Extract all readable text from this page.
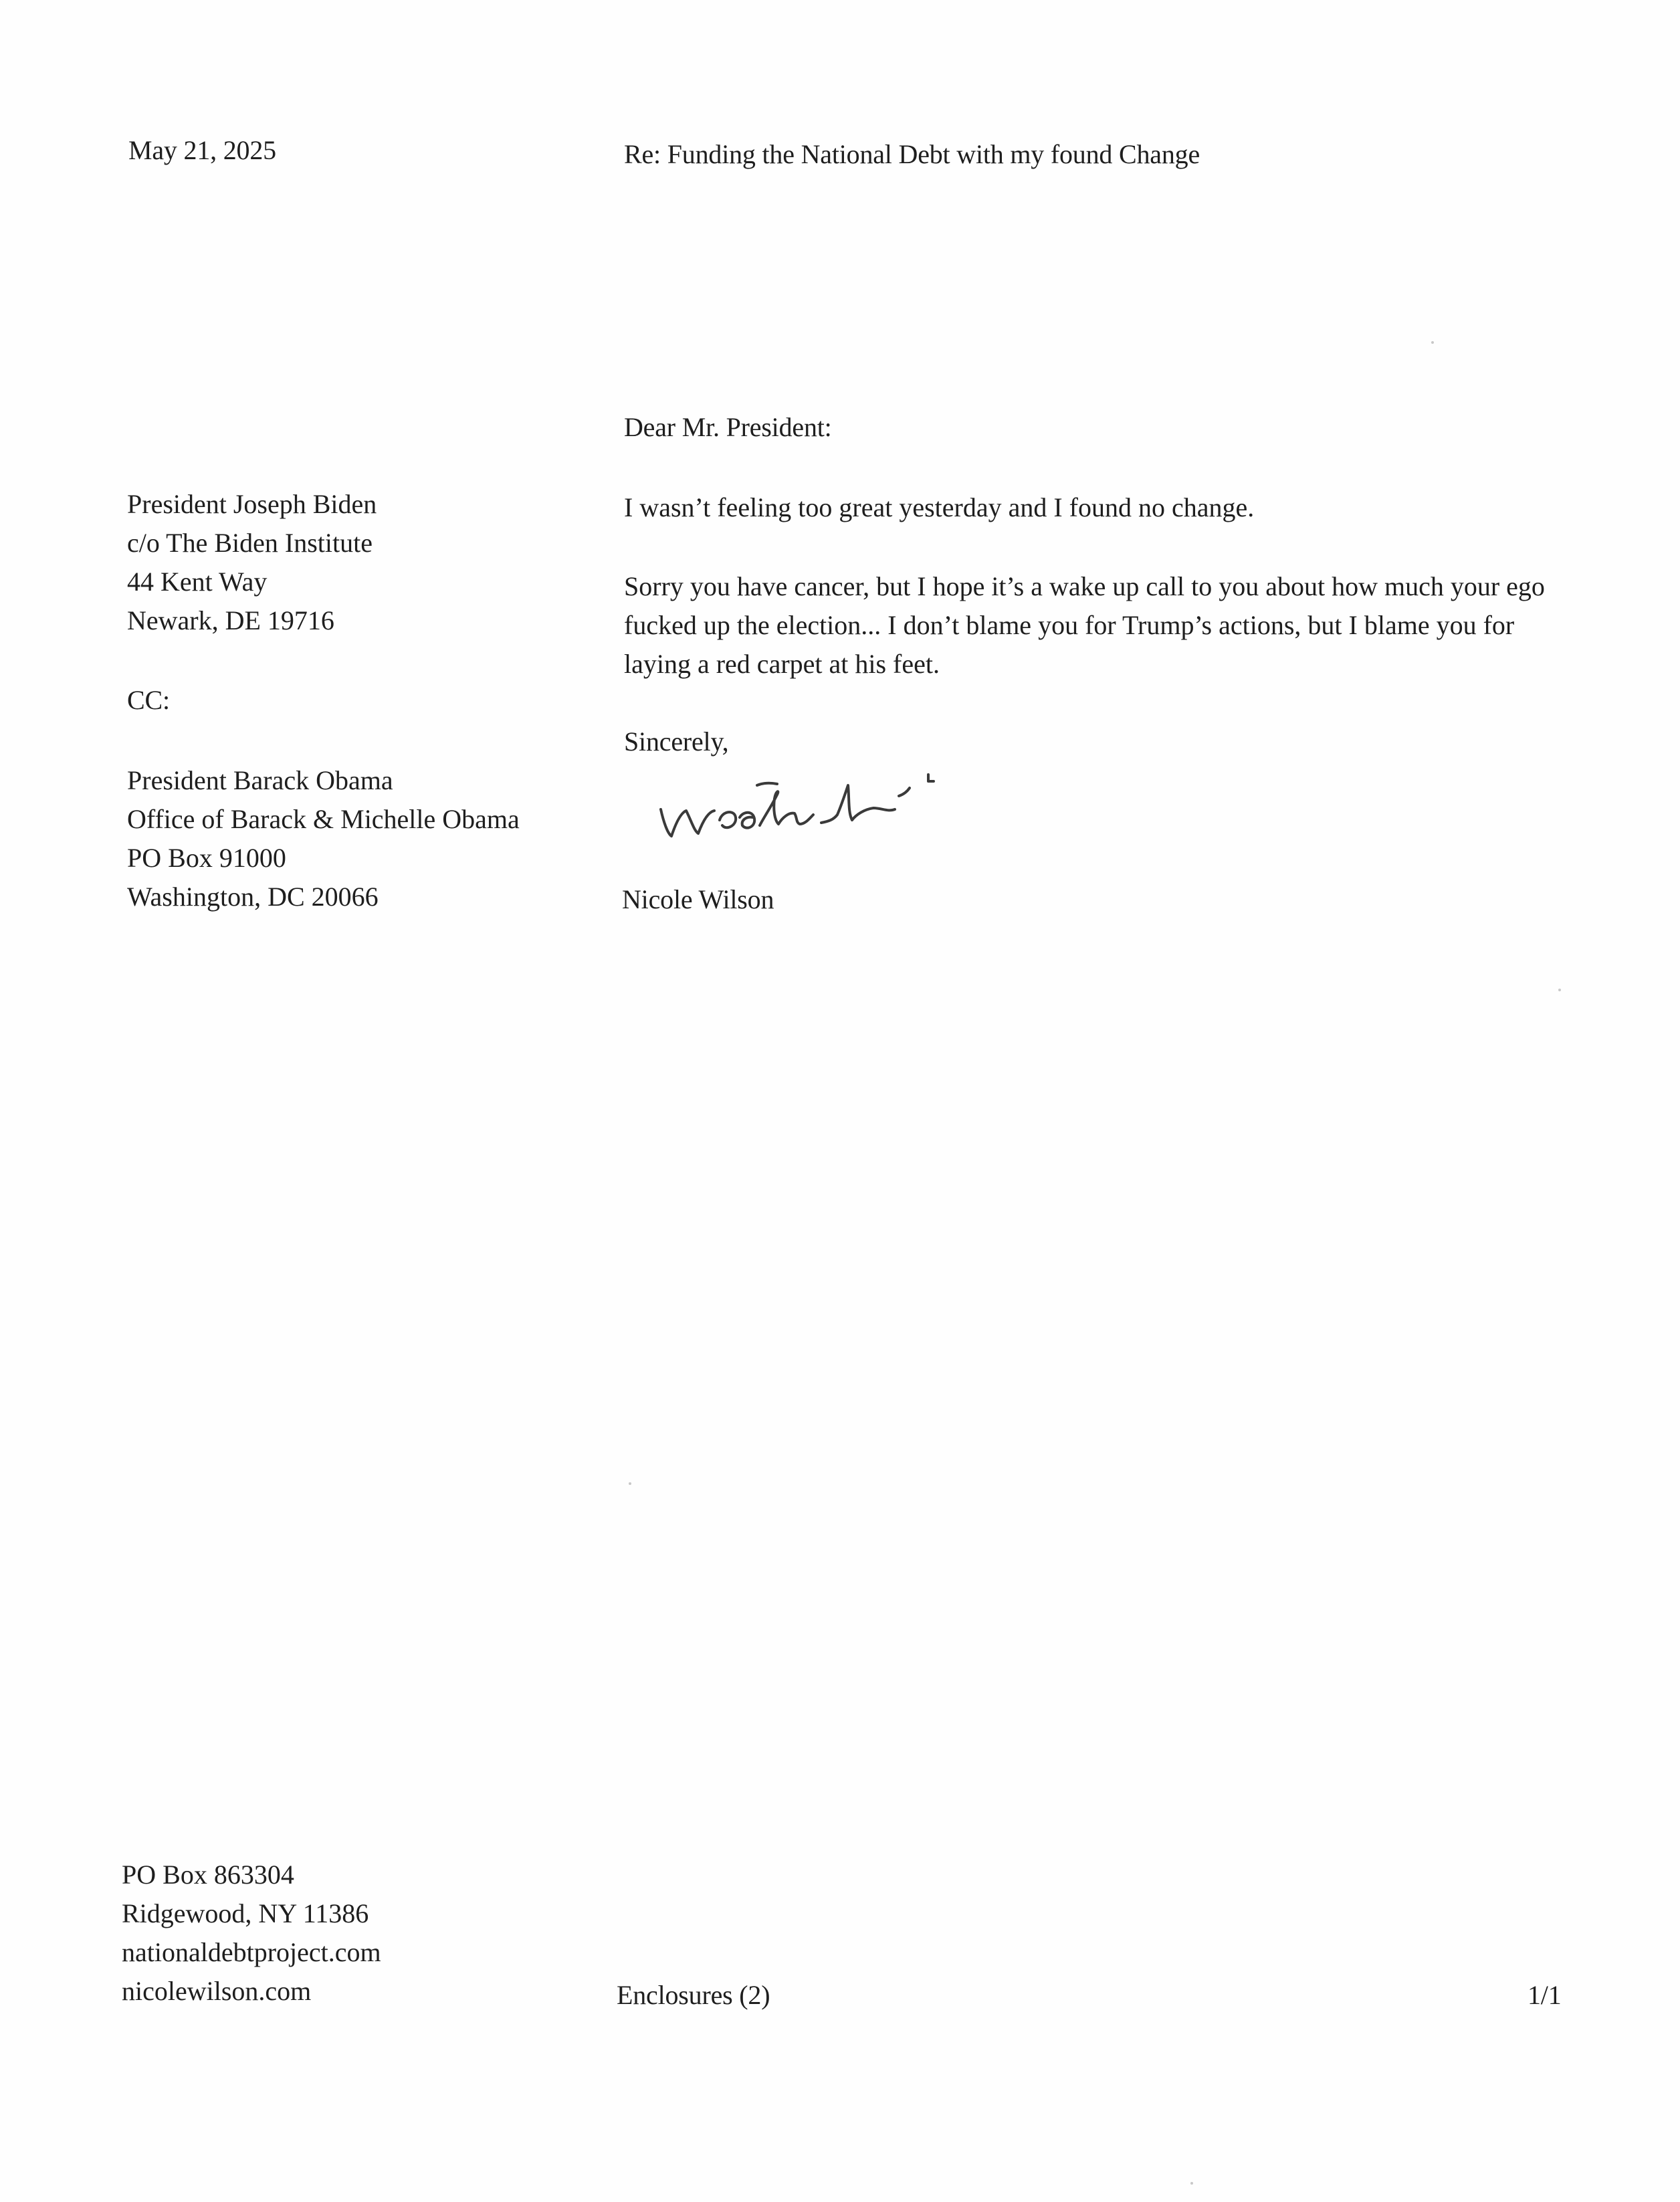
May 21, 2025	Re: Funding the National Debt with my found Change
Dear Mr. President:
President Joseph Biden
c/o The Biden Institute
44 Kent Way
Newark, DE 19716
CC:
President Barack Obama
Office of Barack & Michelle Obama
PO Box 91000
Washington, DC 20066
I wasn’t feeling too great yesterday and I found no change.
Sorry you have cancer, but I hope it’s a wake up call to you about how much your ego fucked up the election... I don’t blame you for Trump’s actions, but I blame you for laying a red carpet at his feet.
Sincerely,
Nicole Wilson
PO Box 863304
Ridgewood, NY 11386
nationaldebtproject.com
nicolewilson.com	Enclosures (2)	1/1
